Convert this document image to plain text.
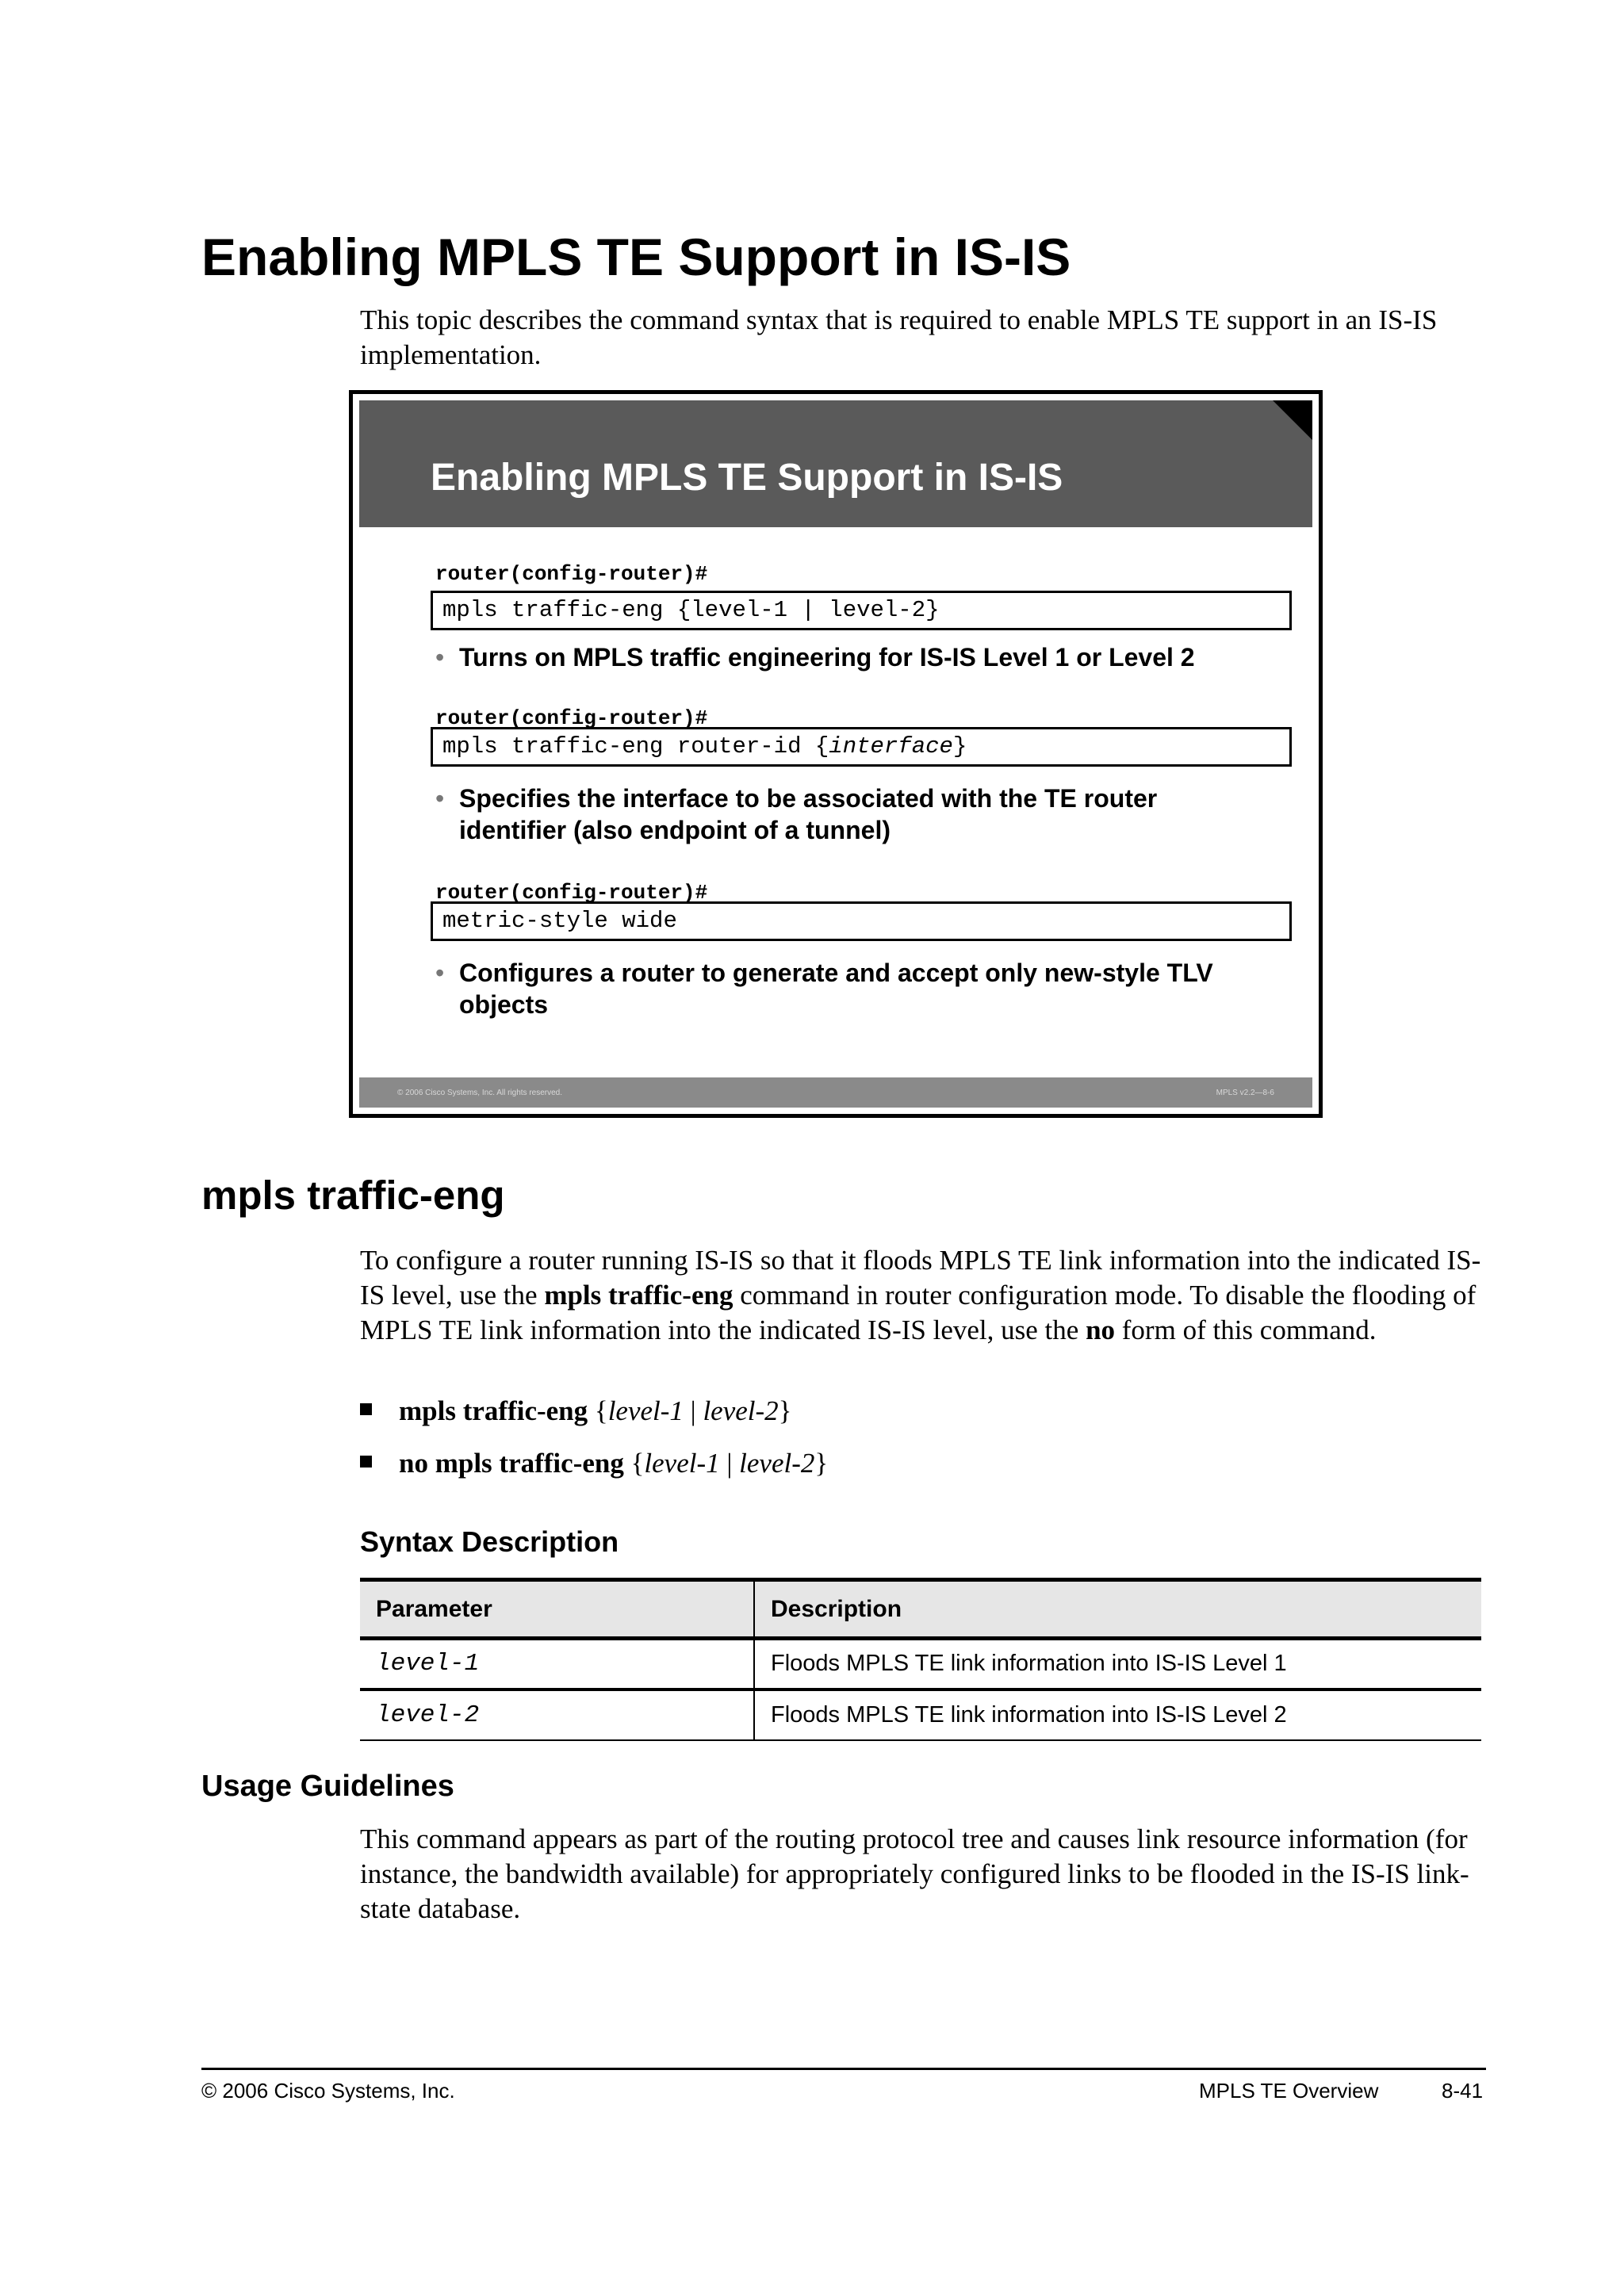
Enabling MPLS TE Support in IS-IS
This topic describes the command syntax that is required to enable MPLS TE support in an IS-IS implementation.
Enabling MPLS TE Support in IS-IS
router(config-router)#
mpls traffic-eng {level-1 | level-2}
• Turns on MPLS traffic engineering for IS-IS Level 1 or Level 2
router(config-router)#
mpls traffic-eng router-id {interface}
• Specifies the interface to be associated with the TE router identifier (also endpoint of a tunnel)
router(config-router)#
metric-style wide
• Configures a router to generate and accept only new-style TLV objects
© 2006 Cisco Systems, Inc. All rights reserved.	MPLS v2.2—8-6
mpls traffic-eng
To configure a router running IS-IS so that it floods MPLS TE link information into the indicated IS-IS level, use the mpls traffic-eng command in router configuration mode. To disable the flooding of MPLS TE link information into the indicated IS-IS level, use the no form of this command.
mpls traffic-eng {level-1 | level-2}
no mpls traffic-eng {level-1 | level-2}
Syntax Description
Parameter	Description
level-1	Floods MPLS TE link information into IS-IS Level 1
level-2	Floods MPLS TE link information into IS-IS Level 2
Usage Guidelines
This command appears as part of the routing protocol tree and causes link resource information (for instance, the bandwidth available) for appropriately configured links to be flooded in the IS-IS link-state database.
© 2006 Cisco Systems, Inc.	MPLS TE Overview	8-41
